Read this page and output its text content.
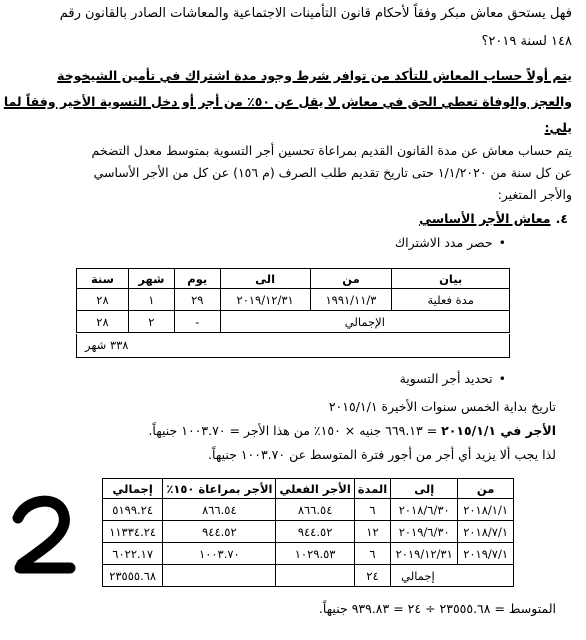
فهل يستحق معاش مبكر وفقاً لأحكام قانون التأمينات الاجتماعية والمعاشات الصادر بالقانون رقم
١٤٨ لسنة ٢٠١٩؟
يتم أولاً حساب المعاش للتأكد من توافر شرط وجود مدة اشتراك في تأمين الشيخوخة
والعجز والوفاة تعطي الحق في معاش لا يقل عن ٥٠٪ من أجر أو دخل التسوية الأخير وفقاً لما
يلي:
يتم حساب معاش عن مدة القانون القديم بمراعاة تحسين أجر التسوية بمتوسط معدل التضخم
عن كل سنة من ١/١/٢٠٢٠ حتى تاريخ تقديم طلب الصرف (م ١٥٦) عن كل من الأجر الأساسي
والأجر المتغير:
٤. معاش الأجر الأساسي
• حصر مدد الاشتراك
بيان	من	الى	يوم	شهر	سنة
مدة فعلية	١٩٩١/١١/٣	٢٠١٩/١٢/٣١	٢٩	١	٢٨
الإجمالي			-	٢	٢٨
٣٣٨ شهر
• تحديد أجر التسوية
تاريخ بداية الخمس سنوات الأخيرة ٢٠١٥/١/١
الأجر في ٢٠١٥/١/١ = ٦٦٩.١٣ جنيه × ١٥٠٪ من هذا الأجر = ١٠٠٣.٧٠ جنيهاً.
لذا يجب ألا يزيد أي أجر من أجور فترة المتوسط عن ١٠٠٣.٧٠ جنيهاً.
من	إلى	المدة	الأجر الفعلي	الأجر بمراعاة ١٥٠٪	إجمالي
٢٠١٨/١/١	٢٠١٨/٦/٣٠	٦	٨٦٦.٥٤	٨٦٦.٥٤	٥١٩٩.٢٤
٢٠١٨/٧/١	٢٠١٩/٦/٣٠	١٢	٩٤٤.٥٢	٩٤٤.٥٢	١١٣٣٤.٢٤
٢٠١٩/٧/١	٢٠١٩/١٢/٣١	٦	١٠٢٩.٥٣	١٠٠٣.٧٠	٦٠٢٢.١٧
إجمالي		٢٤			٢٣٥٥٥.٦٨
المتوسط = ٢٣٥٥٥.٦٨ ÷ ٢٤ = ٩٣٩.٨٣ جنيهاً.
